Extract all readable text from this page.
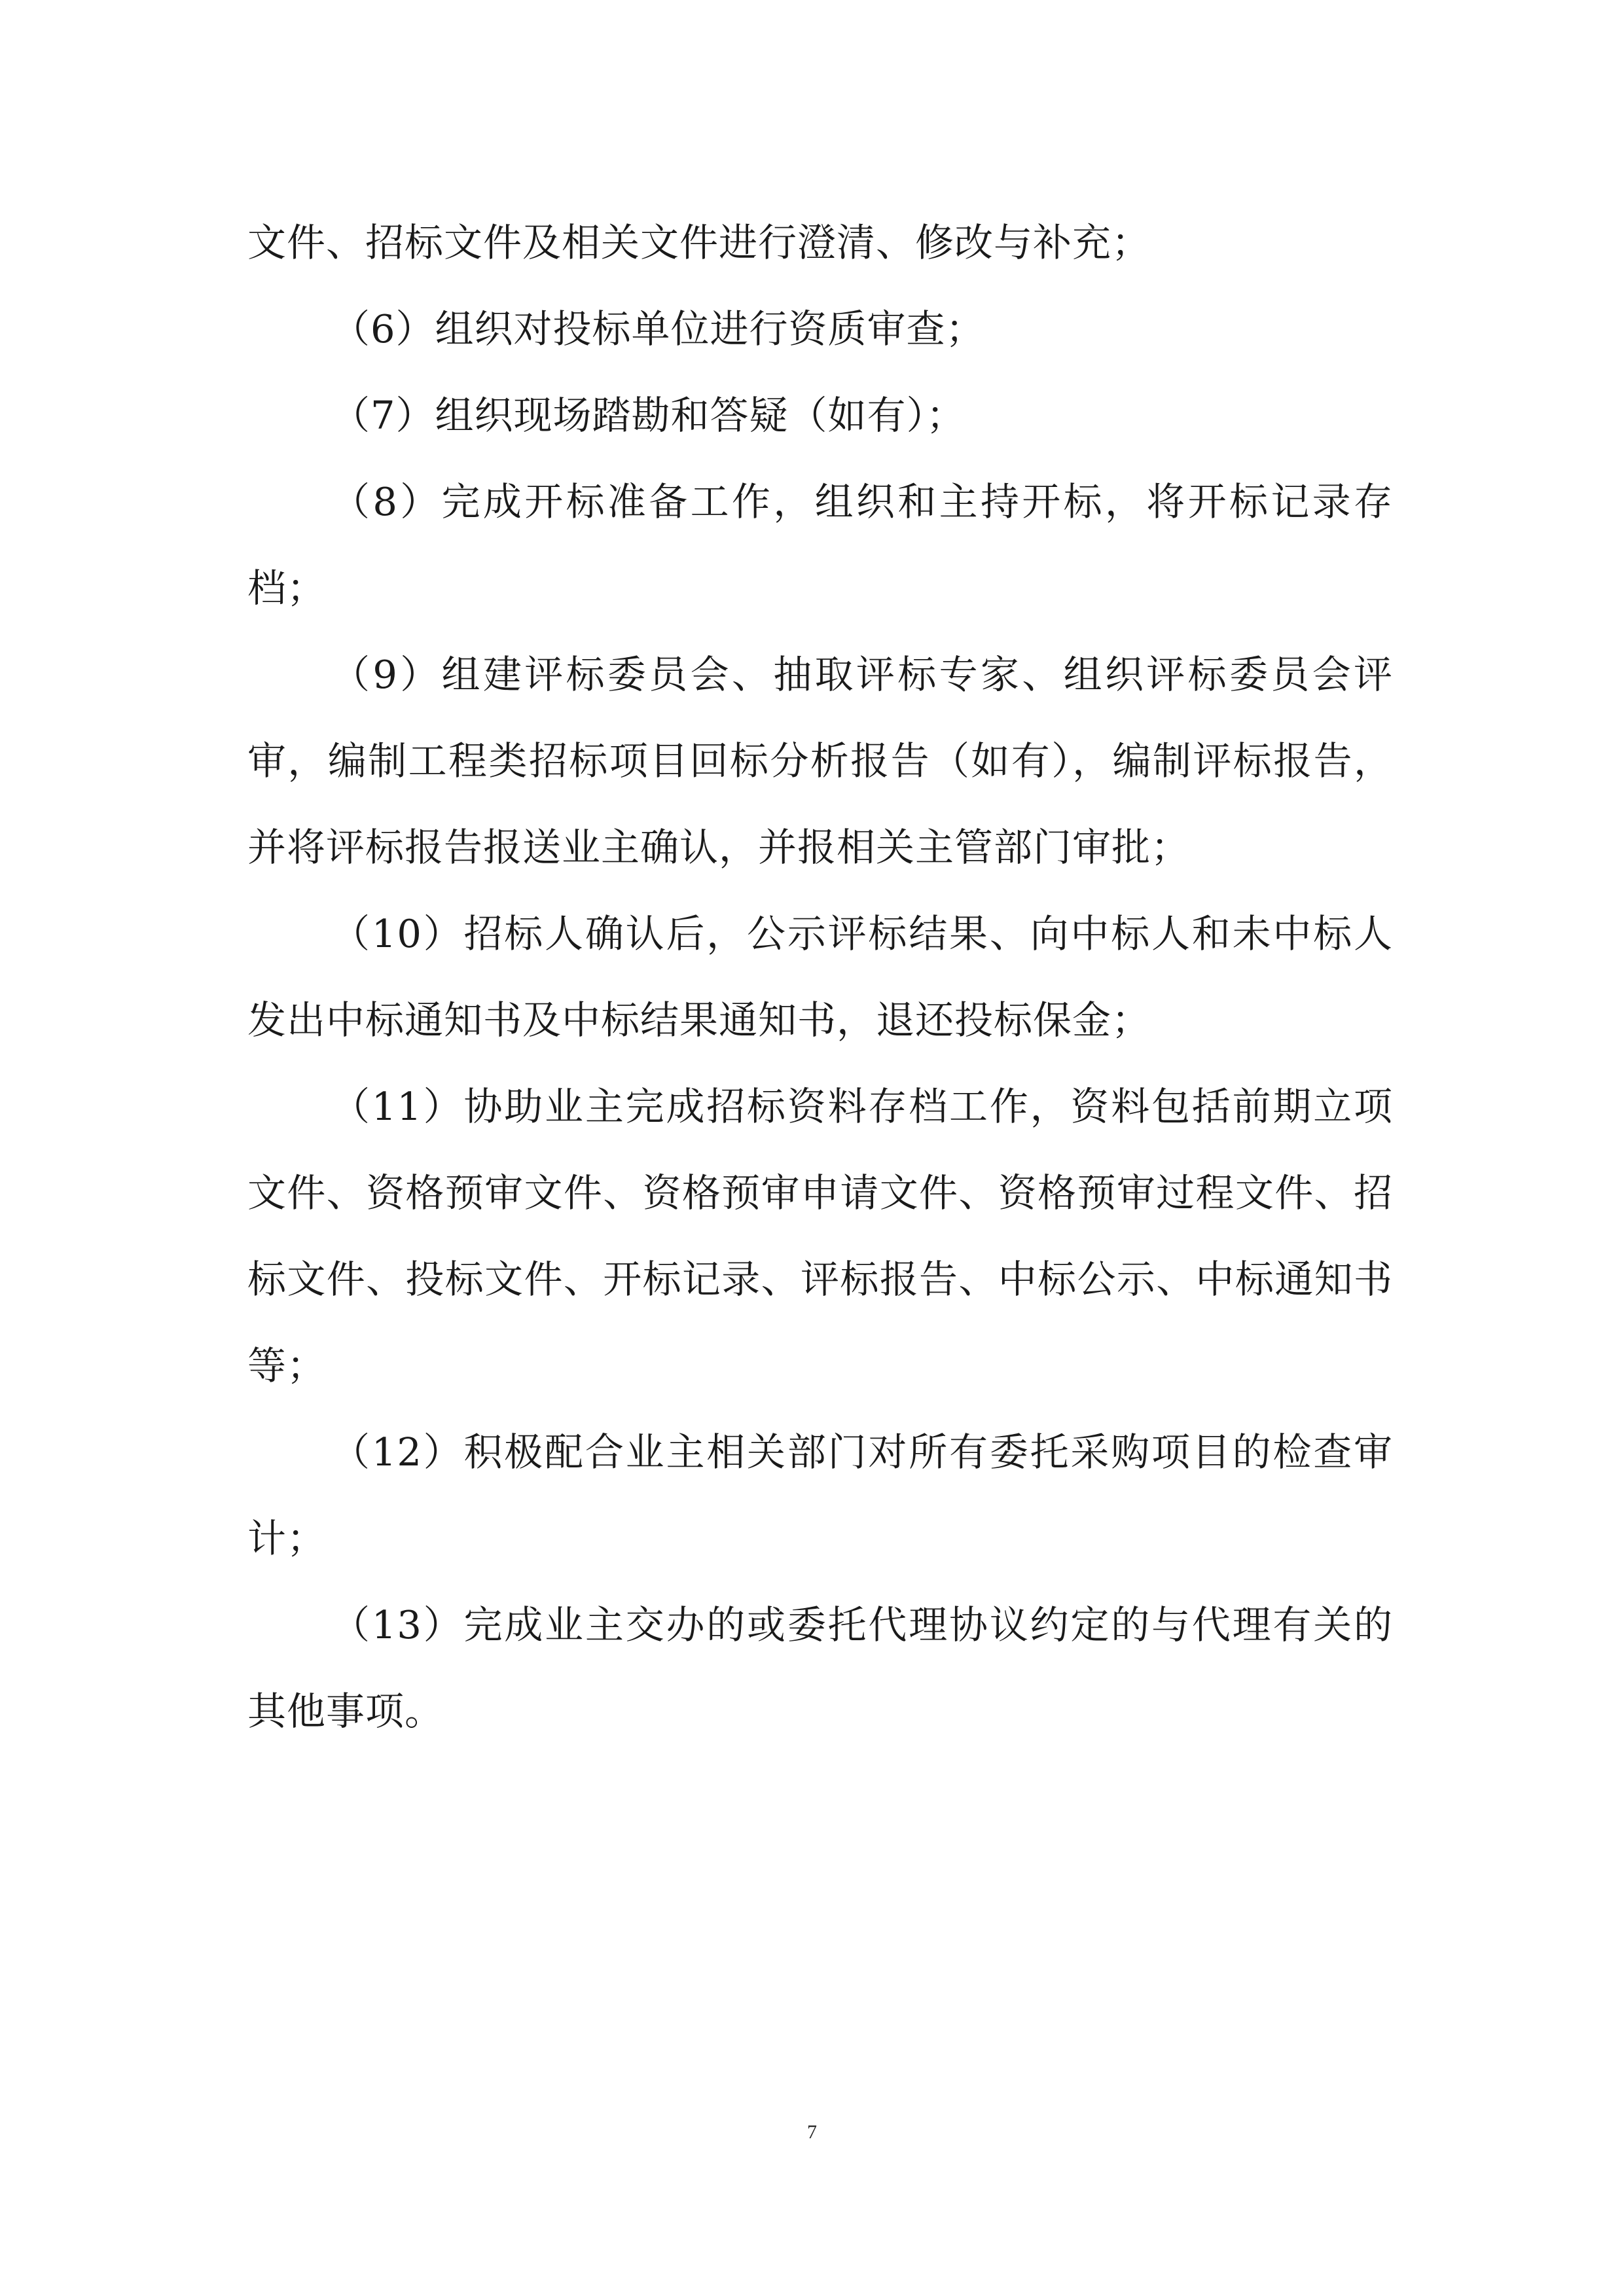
文件、招标文件及相关文件进行澄清、修改与补充；

（6）组织对投标单位进行资质审查；

（7）组织现场踏勘和答疑（如有）；

（8）完成开标准备工作，组织和主持开标，将开标记录存档；

（9）组建评标委员会、抽取评标专家、组织评标委员会评审，编制工程类招标项目回标分析报告（如有），编制评标报告，并将评标报告报送业主确认，并报相关主管部门审批；

（10）招标人确认后，公示评标结果、向中标人和未中标人发出中标通知书及中标结果通知书，退还投标保金；

（11）协助业主完成招标资料存档工作，资料包括前期立项文件、资格预审文件、资格预审申请文件、资格预审过程文件、招标文件、投标文件、开标记录、评标报告、中标公示、中标通知书等；

（12）积极配合业主相关部门对所有委托采购项目的检查审计；

（13）完成业主交办的或委托代理协议约定的与代理有关的其他事项。

7
